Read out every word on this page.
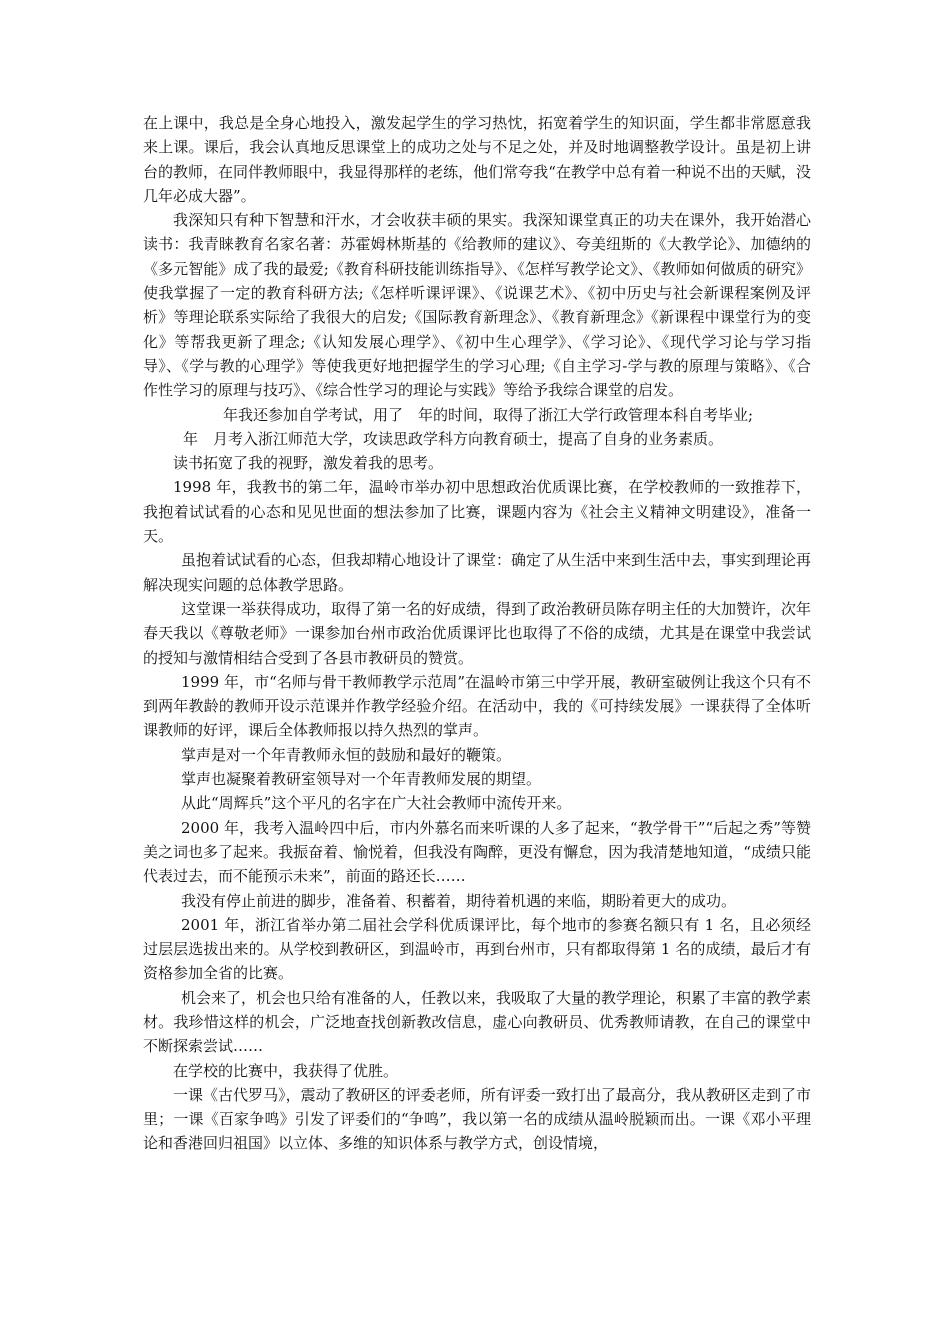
在上课中，我总是全身心地投入，激发起学生的学习热忱，拓宽着学生的知识面，学生都非常愿意我来上课。课后，我会认真地反思课堂上的成功之处与不足之处，并及时地调整教学设计。虽是初上讲台的教师，在同伴教师眼中，我显得那样的老练，他们常夸我“在教学中总有着一种说不出的天赋，没几年必成大器”。

我深知只有种下智慧和汗水，才会收获丰硕的果实。我深知课堂真正的功夫在课外，我开始潜心读书：我青睐教育名家名著：苏霍姆林斯基的《给教师的建议》、夸美纽斯的《大教学论》、加德纳的《多元智能》成了我的最爱;《教育科研技能训练指导》、《怎样写教学论文》、《教师如何做质的研究》使我掌握了一定的教育科研方法;《怎样听课评课》、《说课艺术》、《初中历史与社会新课程案例及评析》等理论联系实际给了我很大的启发;《国际教育新理念》、《教育新理念》《新课程中课堂行为的变化》等帮我更新了理念;《认知发展心理学》、《初中生心理学》、《学习论》、《现代学习论与学习指导》、《学与教的心理学》等使我更好地把握学生的学习心理;《自主学习-学与教的原理与策略》、《合作性学习的原理与技巧》、《综合性学习的理论与实践》等给予我综合课堂的启发。

年我还参加自学考试，用了　年的时间，取得了浙江大学行政管理本科自考毕业;

年　月考入浙江师范大学，攻读思政学科方向教育硕士，提高了自身的业务素质。

读书拓宽了我的视野，激发着我的思考。

1998 年，我教书的第二年，温岭市举办初中思想政治优质课比赛，在学校教师的一致推荐下，我抱着试试看的心态和见见世面的想法参加了比赛，课题内容为《社会主义精神文明建设》，准备一天。

虽抱着试试看的心态，但我却精心地设计了课堂：确定了从生活中来到生活中去，事实到理论再解决现实问题的总体教学思路。

这堂课一举获得成功，取得了第一名的好成绩，得到了政治教研员陈存明主任的大加赞许，次年春天我以《尊敬老师》一课参加台州市政治优质课评比也取得了不俗的成绩，尤其是在课堂中我尝试的授知与激情相结合受到了各县市教研员的赞赏。

1999 年，市“名师与骨干教师教学示范周”在温岭市第三中学开展，教研室破例让我这个只有不到两年教龄的教师开设示范课并作教学经验介绍。在活动中，我的《可持续发展》一课获得了全体听课教师的好评，课后全体教师报以持久热烈的掌声。

掌声是对一个年青教师永恒的鼓励和最好的鞭策。

掌声也凝聚着教研室领导对一个年青教师发展的期望。

从此“周辉兵”这个平凡的名字在广大社会教师中流传开来。

2000 年，我考入温岭四中后，市内外慕名而来听课的人多了起来，“教学骨干”“后起之秀”等赞美之词也多了起来。我振奋着、愉悦着，但我没有陶醉，更没有懈怠，因为我清楚地知道，“成绩只能代表过去，而不能预示未来”，前面的路还长……

我没有停止前进的脚步，准备着、积蓄着，期待着机遇的来临，期盼着更大的成功。

2001 年，浙江省举办第二届社会学科优质课评比，每个地市的参赛名额只有 1 名，且必须经过层层选拔出来的。从学校到教研区，到温岭市，再到台州市，只有都取得第 1 名的成绩，最后才有资格参加全省的比赛。

机会来了，机会也只给有准备的人，任教以来，我吸取了大量的教学理论，积累了丰富的教学素材。我珍惜这样的机会，广泛地查找创新教改信息，虚心向教研员、优秀教师请教，在自己的课堂中不断探索尝试……

在学校的比赛中，我获得了优胜。

一课《古代罗马》，震动了教研区的评委老师，所有评委一致打出了最高分，我从教研区走到了市里；一课《百家争鸣》引发了评委们的“争鸣”，我以第一名的成绩从温岭脱颖而出。一课《邓小平理论和香港回归祖国》以立体、多维的知识体系与教学方式，创设情境，
